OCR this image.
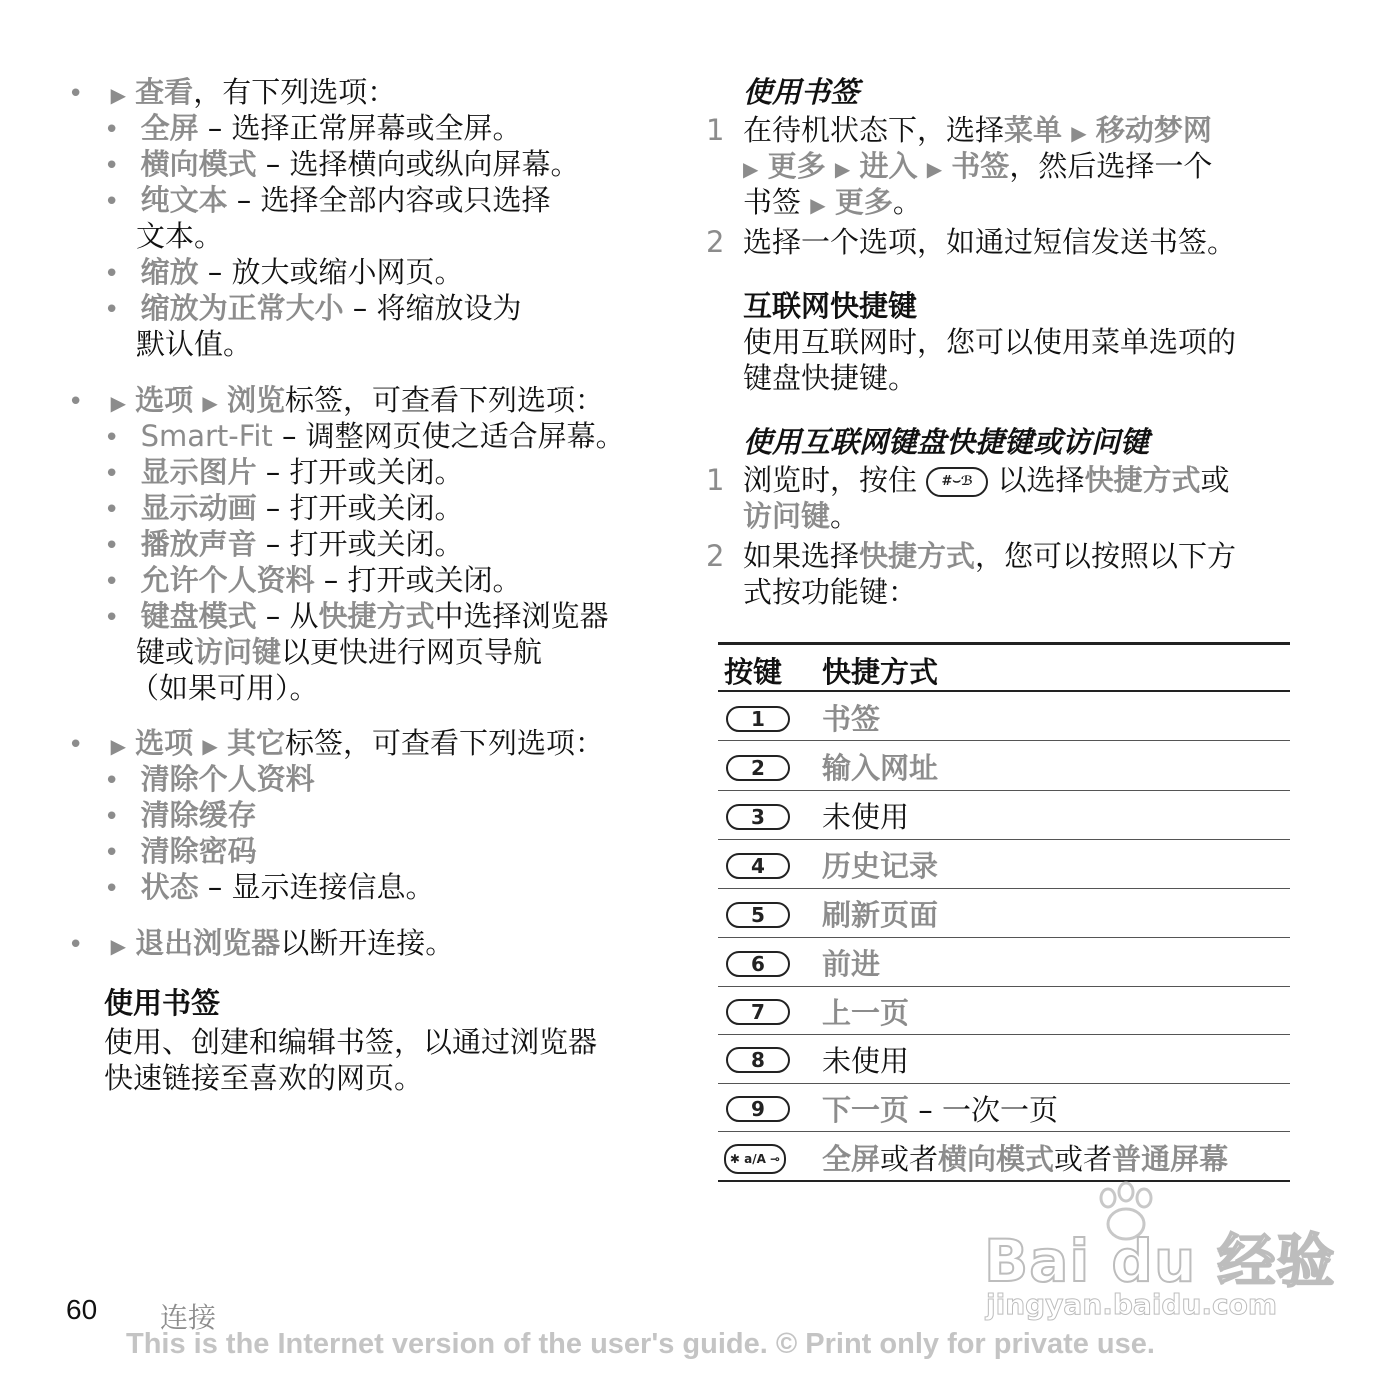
• ▶ 查看，有下列选项：
• 全屏 – 选择正常屏幕或全屏。
• 横向模式 – 选择横向或纵向屏幕。
• 纯文本 – 选择全部内容或只选择
文本。
• 缩放 – 放大或缩小网页。
• 缩放为正常大小 – 将缩放设为
默认值。
• ▶ 选项 ▶ 浏览标签，可查看下列选项：
• Smart-Fit – 调整网页使之适合屏幕。
• 显示图片 – 打开或关闭。
• 显示动画 – 打开或关闭。
• 播放声音 – 打开或关闭。
• 允许个人资料 – 打开或关闭。
• 键盘模式 – 从快捷方式中选择浏览器
键或访问键以更快进行网页导航
（如果可用）。
• ▶ 选项 ▶ 其它标签，可查看下列选项：
• 清除个人资料
• 清除缓存
• 清除密码
• 状态 – 显示连接信息。
• ▶ 退出浏览器以断开连接。
使用书签
使用、创建和编辑书签，以通过浏览器
快速链接至喜欢的网页。
使用书签
1 在待机状态下，选择菜单 ▶ 移动梦网
▶ 更多 ▶ 进入 ▶ 书签，然后选择一个
书签 ▶ 更多。
2 选择一个选项，如通过短信发送书签。
互联网快捷键
使用互联网时，您可以使用菜单选项的
键盘快捷键。
使用互联网键盘快捷键或访问键
1 浏览时，按住 #⌣ℬ 以选择快捷方式或
访问键。
2 如果选择快捷方式，您可以按照以下方
式按功能键：
按键 快捷方式
1	书签
2	输入网址
3	未使用
4	历史记录
5	刷新页面
6	前进
7	上一页
8	未使用
9	下一页 – 一次一页
✱ a/A ⊸ 全屏或者横向模式或者普通屏幕
Bai du 经验
jingyan.baidu.com
60 连接
This is the Internet version of the user's guide. © Print only for private use.
